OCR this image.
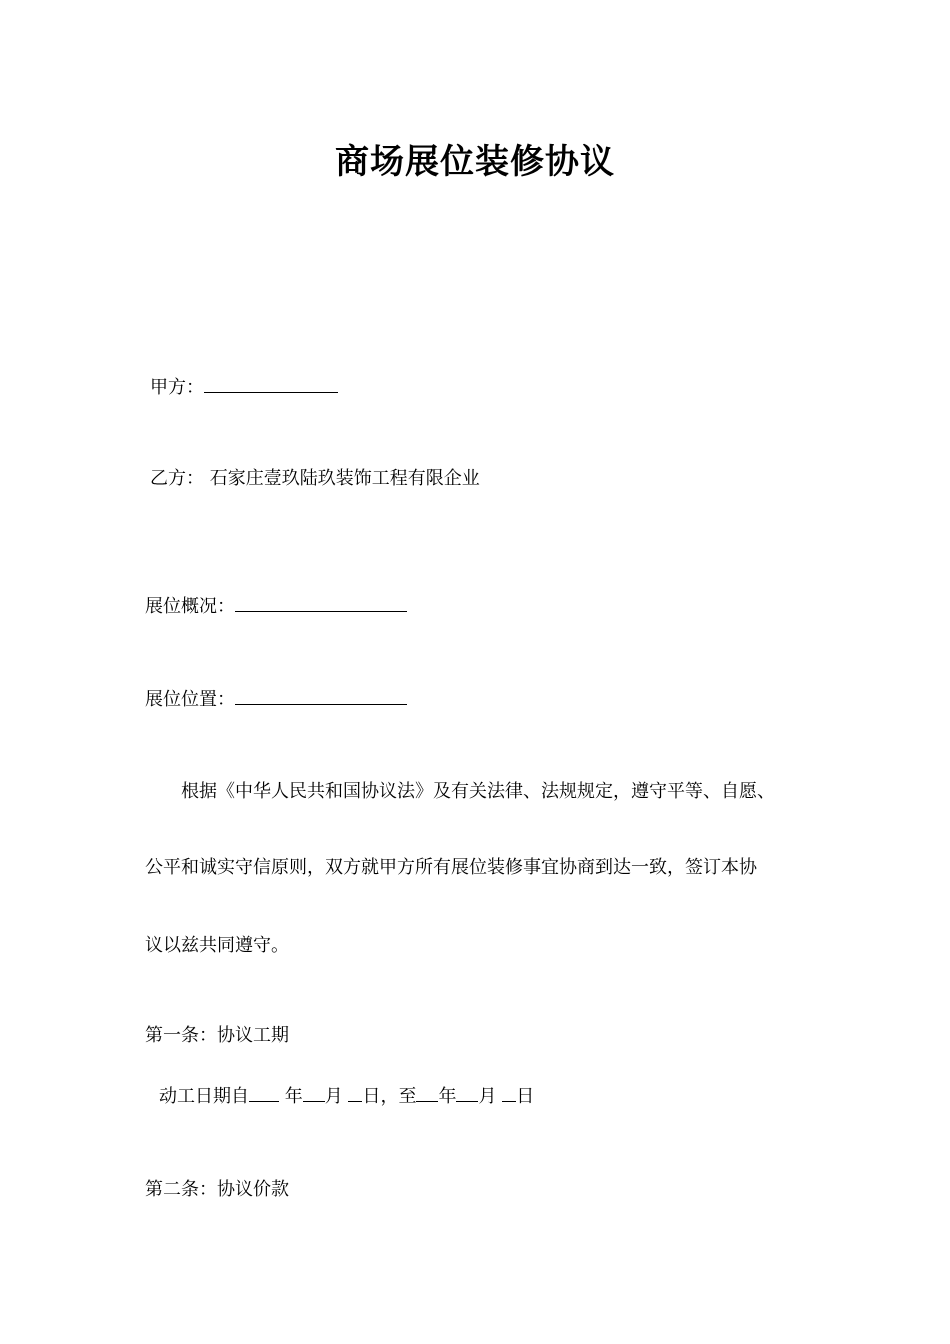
商场展位装修协议
甲方：
乙方： 石家庄壹玖陆玖装饰工程有限企业
展位概况：
展位位置：
根据《中华人民共和国协议法》及有关法律、法规规定，遵守平等、自愿、
公平和诚实守信原则，双方就甲方所有展位装修事宜协商到达一致，签订本协
议以兹共同遵守。
第一条：协议工期
动工日期自 年 月 日，至 年 月 日
第二条：协议价款
